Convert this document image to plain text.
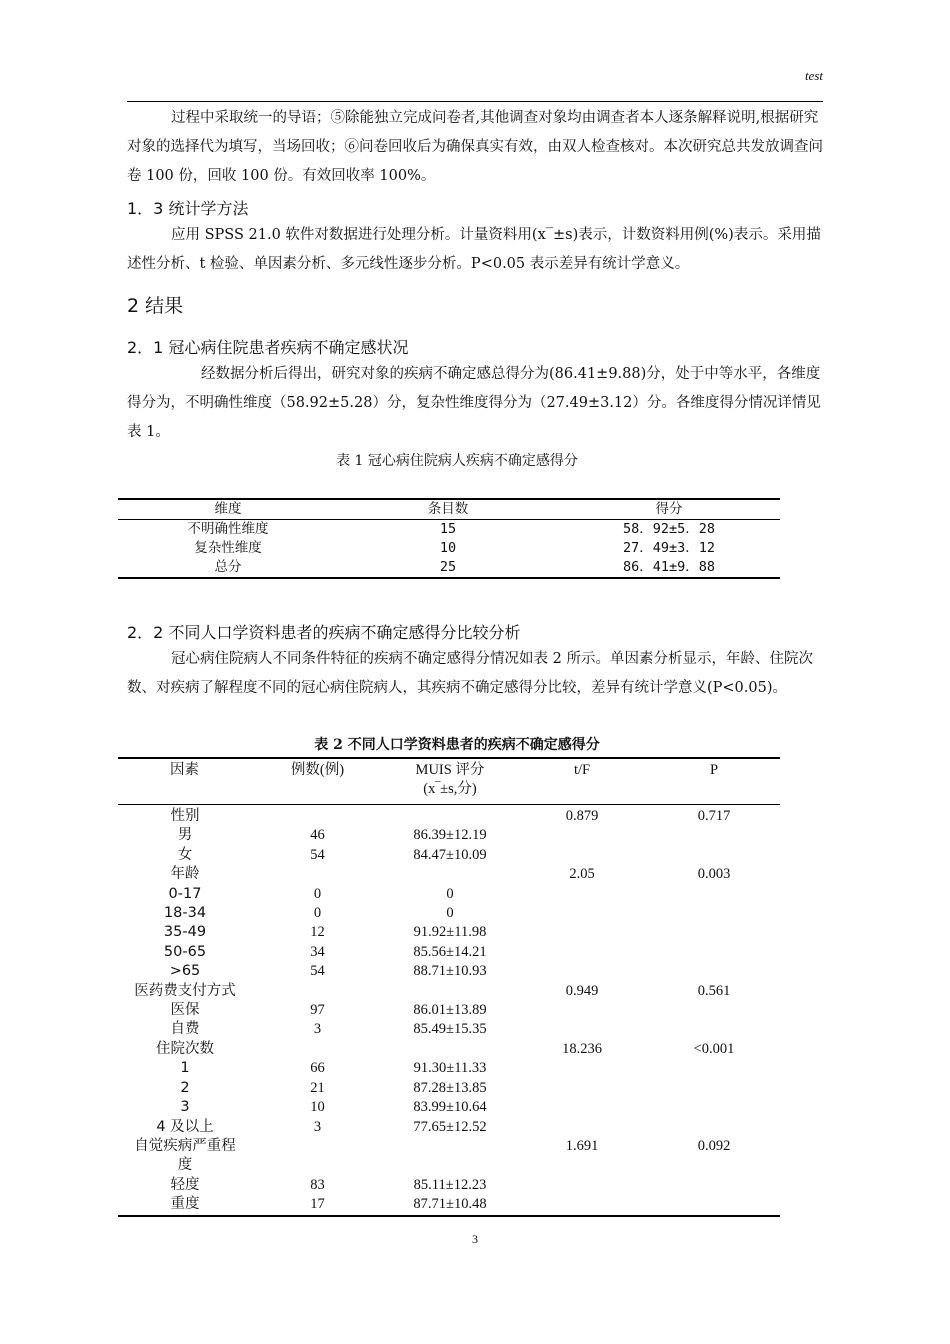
test

过程中采取统一的导语；⑤除能独立完成问卷者,其他调查对象均由调查者本人逐条解释说明,根据研究对象的选择代为填写，当场回收；⑥问卷回收后为确保真实有效，由双人检查核对。本次研究总共发放调查问卷 100 份，回收 100 份。有效回收率 100%。

1．3 统计学方法

应用 SPSS 21.0 软件对数据进行处理分析。计量资料用(x‾±s)表示，计数资料用例(%)表示。采用描述性分析、t 检验、单因素分析、多元线性逐步分析。P<0.05 表示差异有统计学意义。

2 结果
2．1 冠心病住院患者疾病不确定感状况

经数据分析后得出，研究对象的疾病不确定感总得分为(86.41±9.88)分，处于中等水平，各维度得分为，不明确性维度（58.92±5.28）分，复杂性维度得分为（27.49±3.12）分。各维度得分情况详情见表 1。

表 1 冠心病住院病人疾病不确定感得分
维度	条目数	得分
不明确性维度	15	58．92±5．28
复杂性维度	10	27．49±3．12
总分	25	86．41±9．88
2．2 不同人口学资料患者的疾病不确定感得分比较分析

冠心病住院病人不同条件特征的疾病不确定感得分情况如表 2 所示。单因素分析显示，年龄、住院次数、对疾病了解程度不同的冠心病住院病人，其疾病不确定感得分比较，差异有统计学意义(P<0.05)。

表 2 不同人口学资料患者的疾病不确定感得分
因素	例数(例)	MUIS 评分(x‾±s,分)	t/F	P

性别			0.879	0.717

男	46	86.39±12.19		

女	54	84.47±10.09		

年龄			2.05	0.003

0-17	0	0		

18-34	0	0		

35-49	12	91.92±11.98		

50-65	34	85.56±14.21		

>65	54	88.71±10.93		

医药费支付方式			0.949	0.561

医保	97	86.01±13.89		

自费	3	85.49±15.35		

住院次数			18.236	<0.001

1	66	91.30±11.33		

2	21	87.28±13.85		

3	10	83.99±10.64		

4 及以上	3	77.65±12.52		

自觉疾病严重程度			1.691	0.092

轻度	83	85.11±12.23		

重度	17	87.71±10.48		
3
